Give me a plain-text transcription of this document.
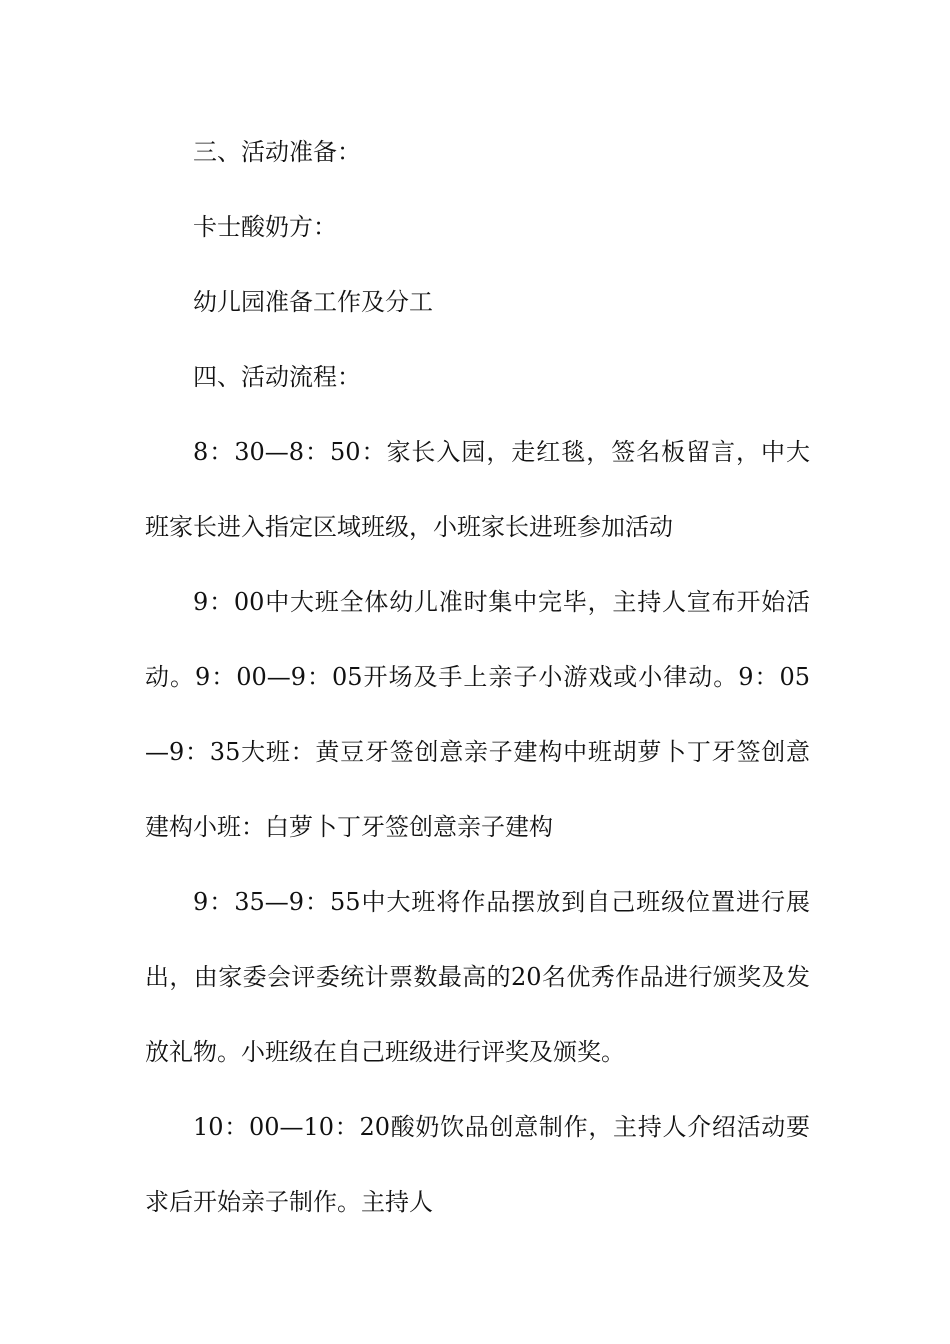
三、活动准备：

卡士酸奶方：

幼儿园准备工作及分工

四、活动流程：

8：30—8：50：家长入园，走红毯，签名板留言，中大班家长进入指定区域班级，小班家长进班参加活动

9：00中大班全体幼儿准时集中完毕，主持人宣布开始活动。9：00—9：05开场及手上亲子小游戏或小律动。9：05—9：35大班：黄豆牙签创意亲子建构中班胡萝卜丁牙签创意建构小班：白萝卜丁牙签创意亲子建构

9：35—9：55中大班将作品摆放到自己班级位置进行展出，由家委会评委统计票数最高的20名优秀作品进行颁奖及发放礼物。小班级在自己班级进行评奖及颁奖。

10：00—10：20酸奶饮品创意制作，主持人介绍活动要求后开始亲子制作。主持人
